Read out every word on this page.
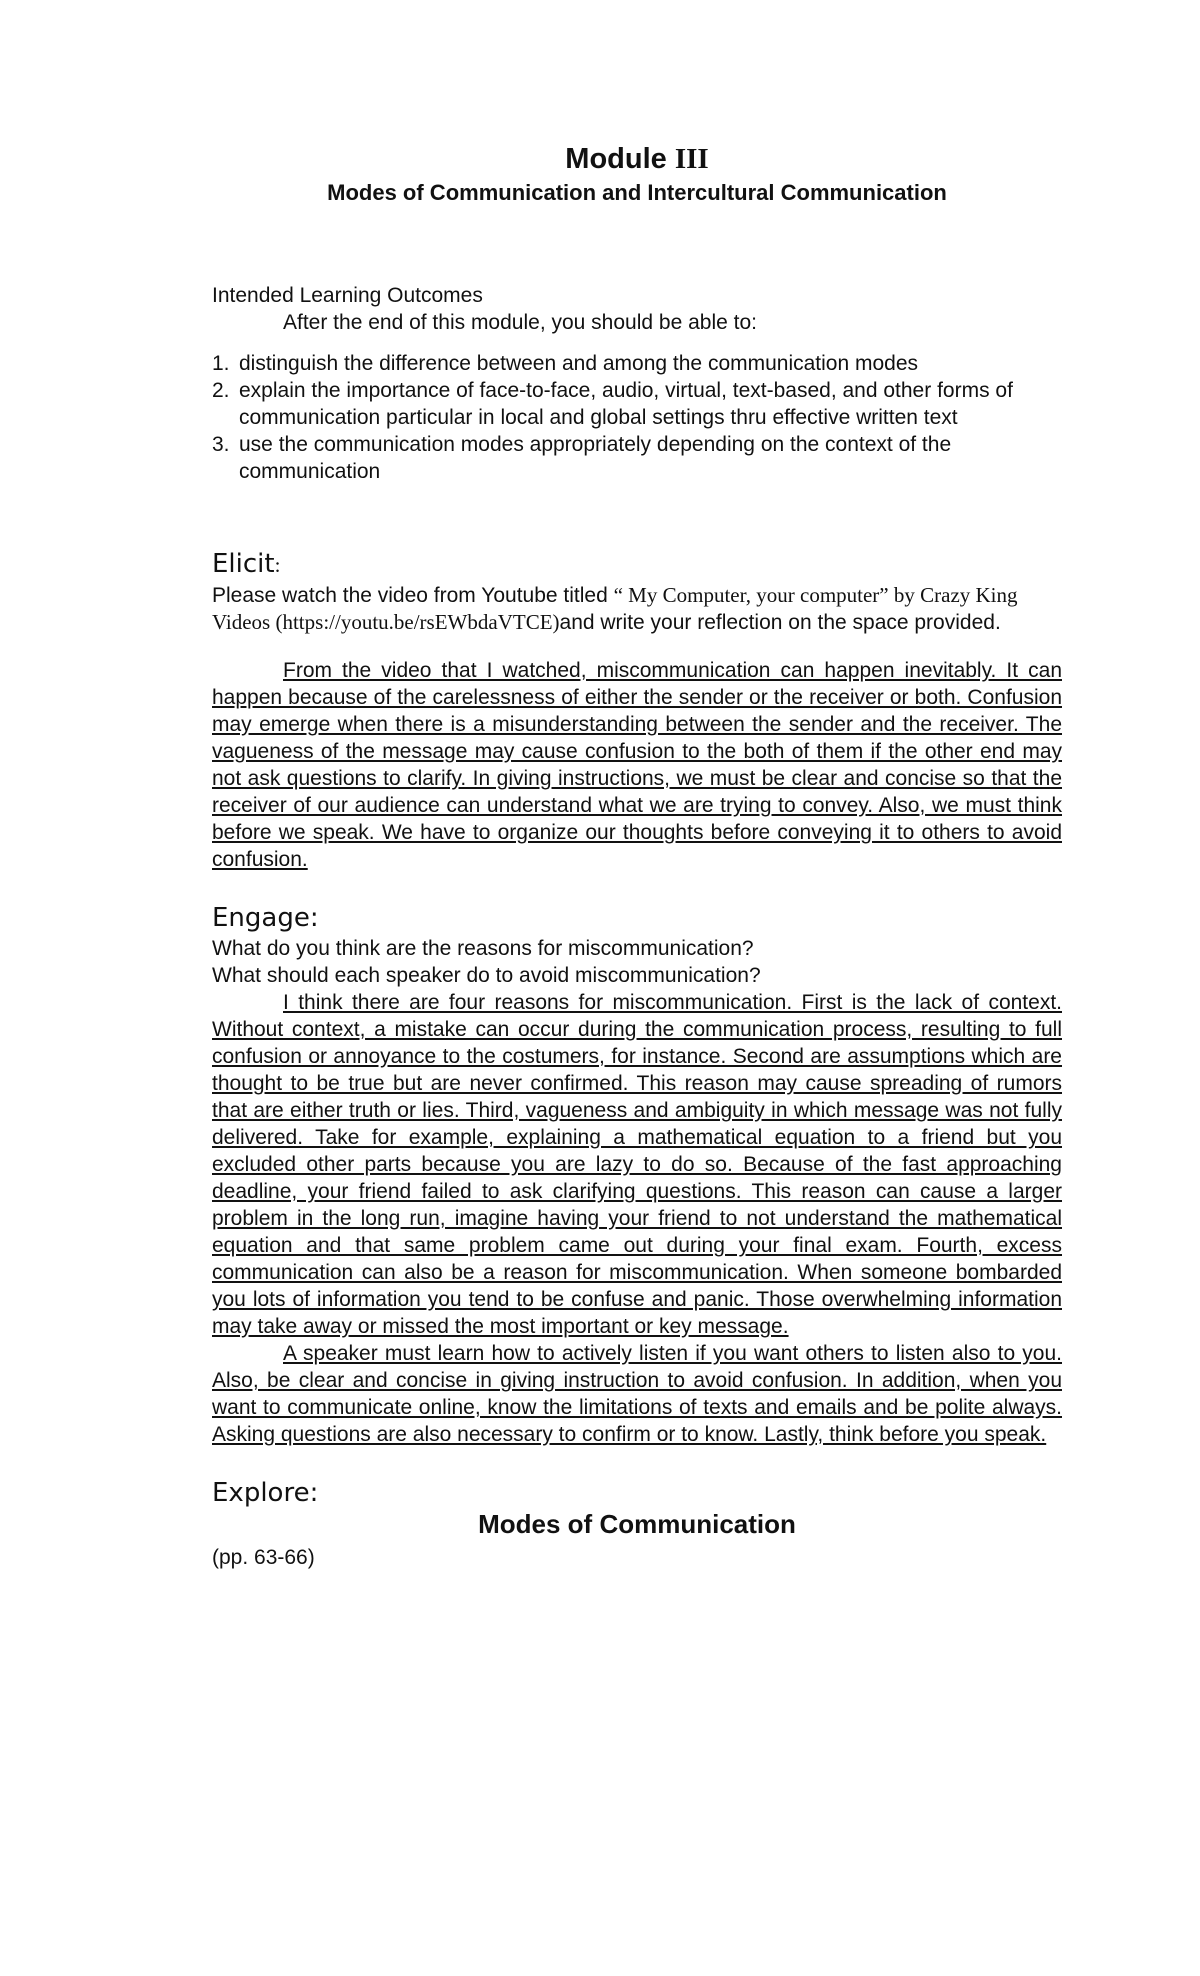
Module III

Modes of Communication and Intercultural Communication

Intended Learning Outcomes

After the end of this module, you should be able to:

1. distinguish the difference between and among the communication modes
2. explain the importance of face-to-face, audio, virtual, text-based, and other forms of communication particular in local and global settings thru effective written text
3. use the communication modes appropriately depending on the context of the communication
Elicit:

Please watch the video from Youtube titled “ My Computer, your computer” by Crazy King Videos (https://youtu.be/rsEWbdaVTCE)and write your reflection on the space provided.

From the video that I watched, miscommunication can happen inevitably. It can happen because of the carelessness of either the sender or the receiver or both. Confusion may emerge when there is a misunderstanding between the sender and the receiver. The vagueness of the message may cause confusion to the both of them if the other end may not ask questions to clarify. In giving instructions, we must be clear and concise so that the receiver of our audience can understand what we are trying to convey. Also, we must think before we speak. We have to organize our thoughts before conveying it to others to avoid confusion.

Engage:

What do you think are the reasons for miscommunication?

What should each speaker do to avoid miscommunication?

I think there are four reasons for miscommunication. First is the lack of context. Without context, a mistake can occur during the communication process, resulting to full confusion or annoyance to the costumers, for instance. Second are assumptions which are thought to be true but are never confirmed. This reason may cause spreading of rumors that are either truth or lies. Third, vagueness and ambiguity in which message was not fully delivered. Take for example, explaining a mathematical equation to a friend but you excluded other parts because you are lazy to do so. Because of the fast approaching deadline, your friend failed to ask clarifying questions. This reason can cause a larger problem in the long run, imagine having your friend to not understand the mathematical equation and that same problem came out during your final exam. Fourth, excess communication can also be a reason for miscommunication. When someone bombarded you lots of information you tend to be confuse and panic. Those overwhelming information may take away or missed the most important or key message.

A speaker must learn how to actively listen if you want others to listen also to you. Also, be clear and concise in giving instruction to avoid confusion. In addition, when you want to communicate online, know the limitations of texts and emails and be polite always. Asking questions are also necessary to confirm or to know. Lastly, think before you speak.

Explore:

Modes of Communication

(pp. 63-66)
